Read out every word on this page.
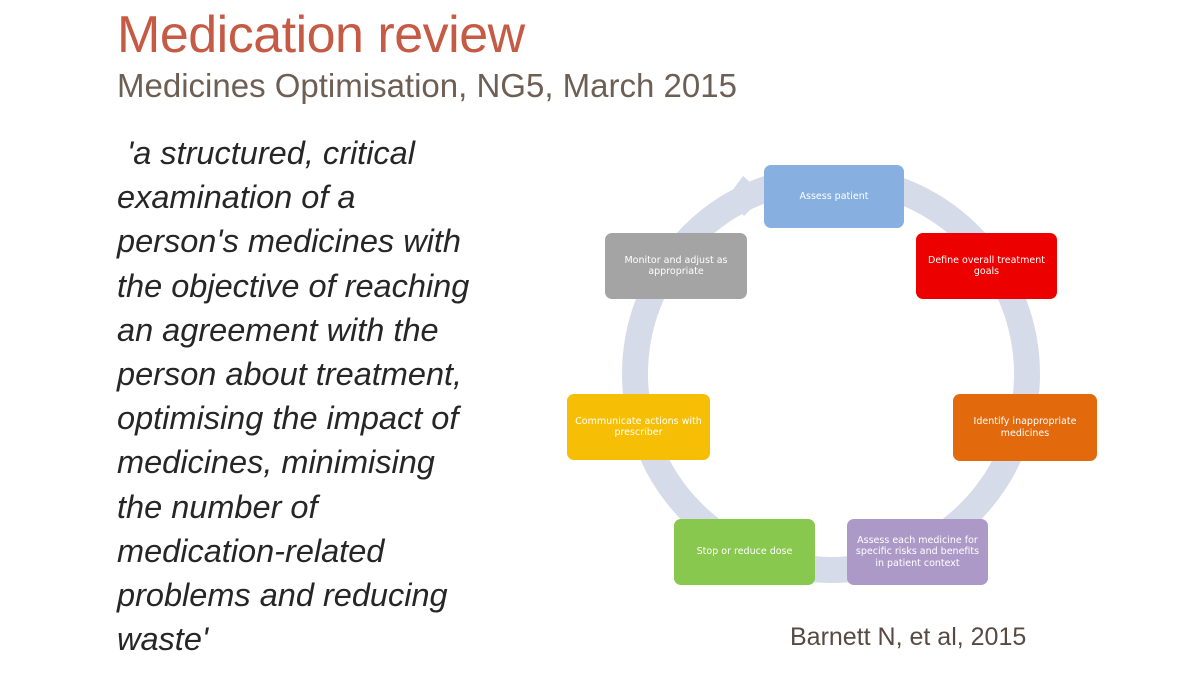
Medication review
Medicines Optimisation, NG5, March 2015
'a structured, critical
examination of a
person's medicines with
the objective of reaching
an agreement with the
person about treatment,
optimising the impact of
medicines, minimising
the number of
medication-related
problems and reducing
waste'
Assess patient
Define overall treatment goals
Identify inappropriate medicines
Assess each medicine for specific risks and benefits in patient context
Stop or reduce dose
Communicate actions with prescriber
Monitor and adjust as appropriate
Barnett N, et al, 2015
